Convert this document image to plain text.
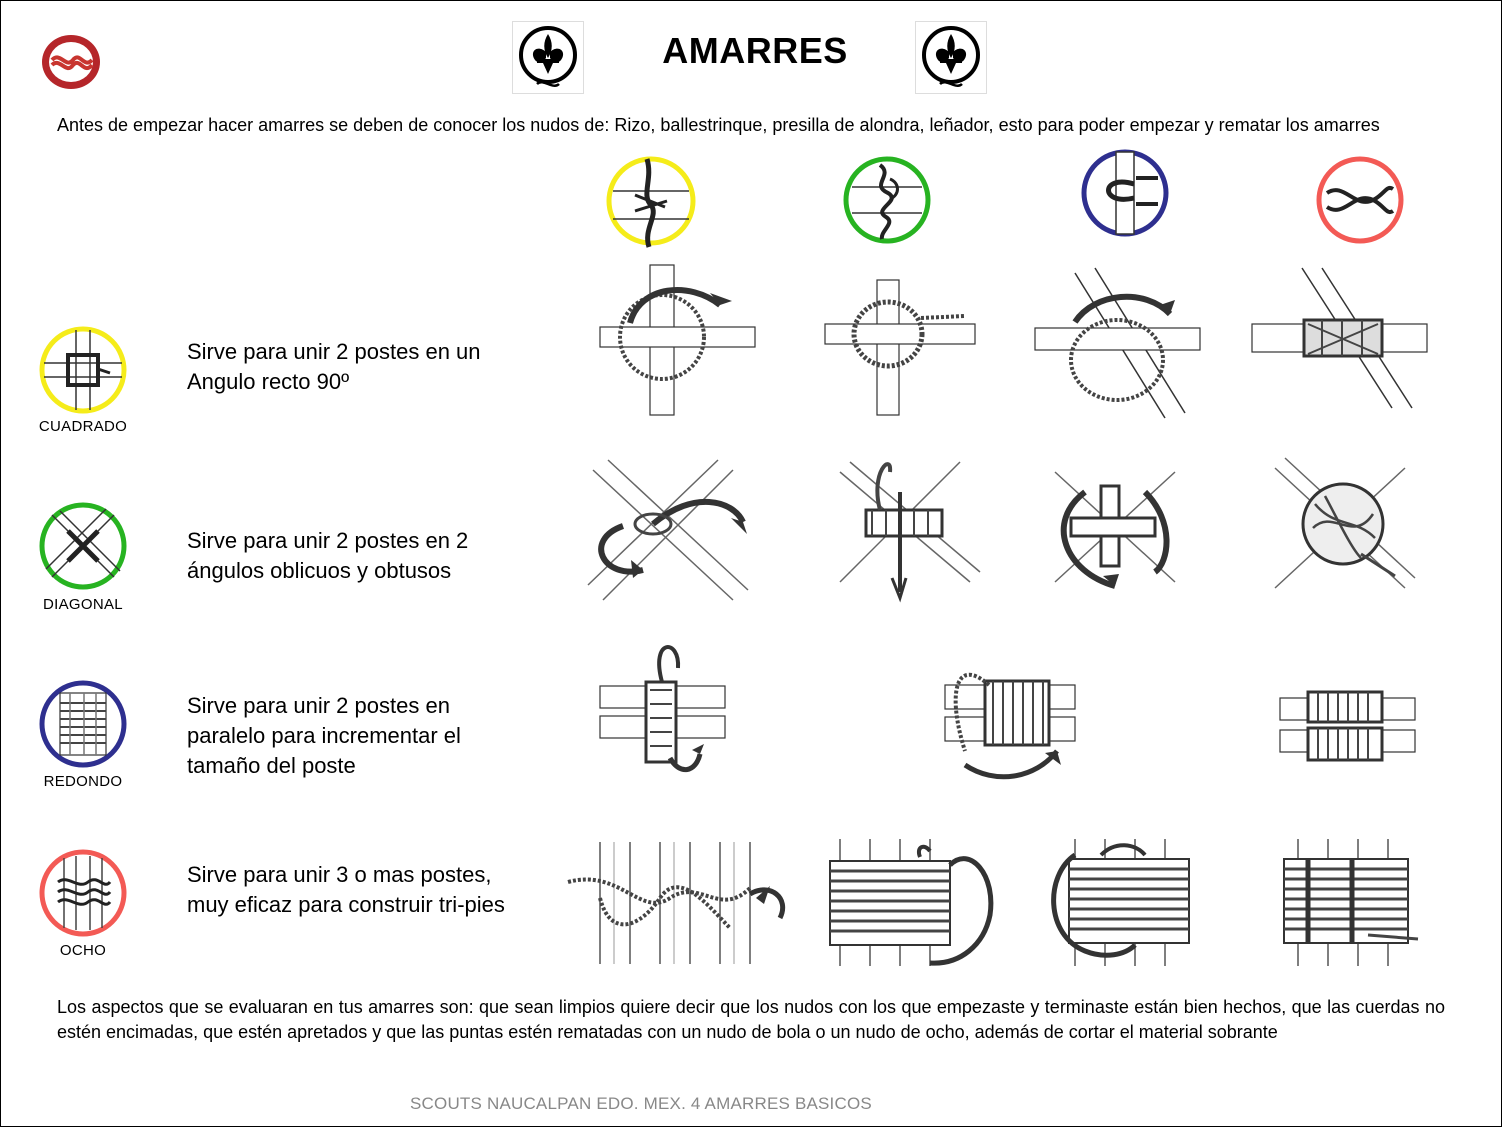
AMARRES
Antes de empezar hacer amarres se deben de conocer los nudos de: Rizo, ballestrinque, presilla de alondra, leñador, esto para poder empezar y rematar los amarres
CUADRADO
Sirve para unir 2 postes en un Angulo recto 90º
DIAGONAL
Sirve para unir 2 postes en 2 ángulos oblicuos y obtusos
REDONDO
Sirve para unir 2 postes en paralelo para incrementar el tamaño del poste
OCHO
Sirve para unir 3 o mas postes, muy eficaz para construir tri-pies
Los aspectos que se evaluaran en tus amarres son: que sean limpios quiere decir que los nudos con los que empezaste y terminaste están bien hechos, que las cuerdas no estén encimadas, que estén apretados y que las puntas estén rematadas con un nudo de bola o un nudo de ocho, además de cortar el material sobrante
SCOUTS NAUCALPAN EDO. MEX. 4 AMARRES BASICOS
